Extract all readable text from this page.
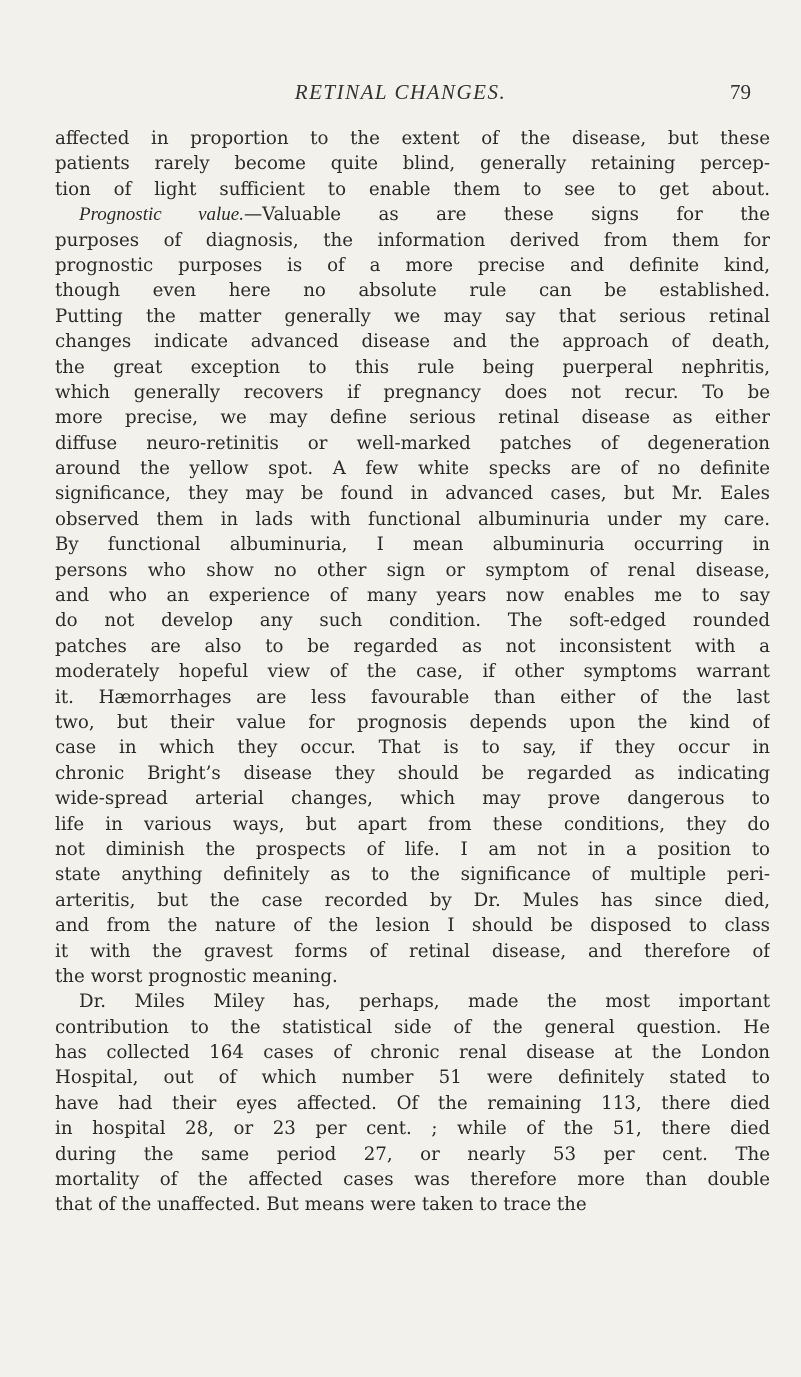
RETINAL CHANGES.	79
affected in proportion to the extent of the disease, but these
patients rarely become quite blind, generally retaining percep-
tion of light sufficient to enable them to see to get about.
Prognostic value.—Valuable as are these signs for the
purposes of diagnosis, the information derived from them for
prognostic purposes is of a more precise and definite kind,
though even here no absolute rule can be established.
Putting the matter generally we may say that serious retinal
changes indicate advanced disease and the approach of death,
the great exception to this rule being puerperal nephritis,
which generally recovers if pregnancy does not recur. To be
more precise, we may define serious retinal disease as either
diffuse neuro-retinitis or well-marked patches of degeneration
around the yellow spot. A few white specks are of no definite
significance, they may be found in advanced cases, but Mr. Eales
observed them in lads with functional albuminuria under my care.
By functional albuminuria, I mean albuminuria occurring in
persons who show no other sign or symptom of renal disease,
and who an experience of many years now enables me to say
do not develop any such condition. The soft-edged rounded
patches are also to be regarded as not inconsistent with a
moderately hopeful view of the case, if other symptoms warrant
it. Hæmorrhages are less favourable than either of the last
two, but their value for prognosis depends upon the kind of
case in which they occur. That is to say, if they occur in
chronic Bright’s disease they should be regarded as indicating
wide-spread arterial changes, which may prove dangerous to
life in various ways, but apart from these conditions, they do
not diminish the prospects of life. I am not in a position to
state anything definitely as to the significance of multiple peri-
arteritis, but the case recorded by Dr. Mules has since died,
and from the nature of the lesion I should be disposed to class
it with the gravest forms of retinal disease, and therefore of
the worst prognostic meaning.
Dr. Miles Miley has, perhaps, made the most important
contribution to the statistical side of the general question. He
has collected 164 cases of chronic renal disease at the London
Hospital, out of which number 51 were definitely stated to
have had their eyes affected. Of the remaining 113, there died
in hospital 28, or 23 per cent. ; while of the 51, there died
during the same period 27, or nearly 53 per cent. The
mortality of the affected cases was therefore more than double
that of the unaffected. But means were taken to trace the
